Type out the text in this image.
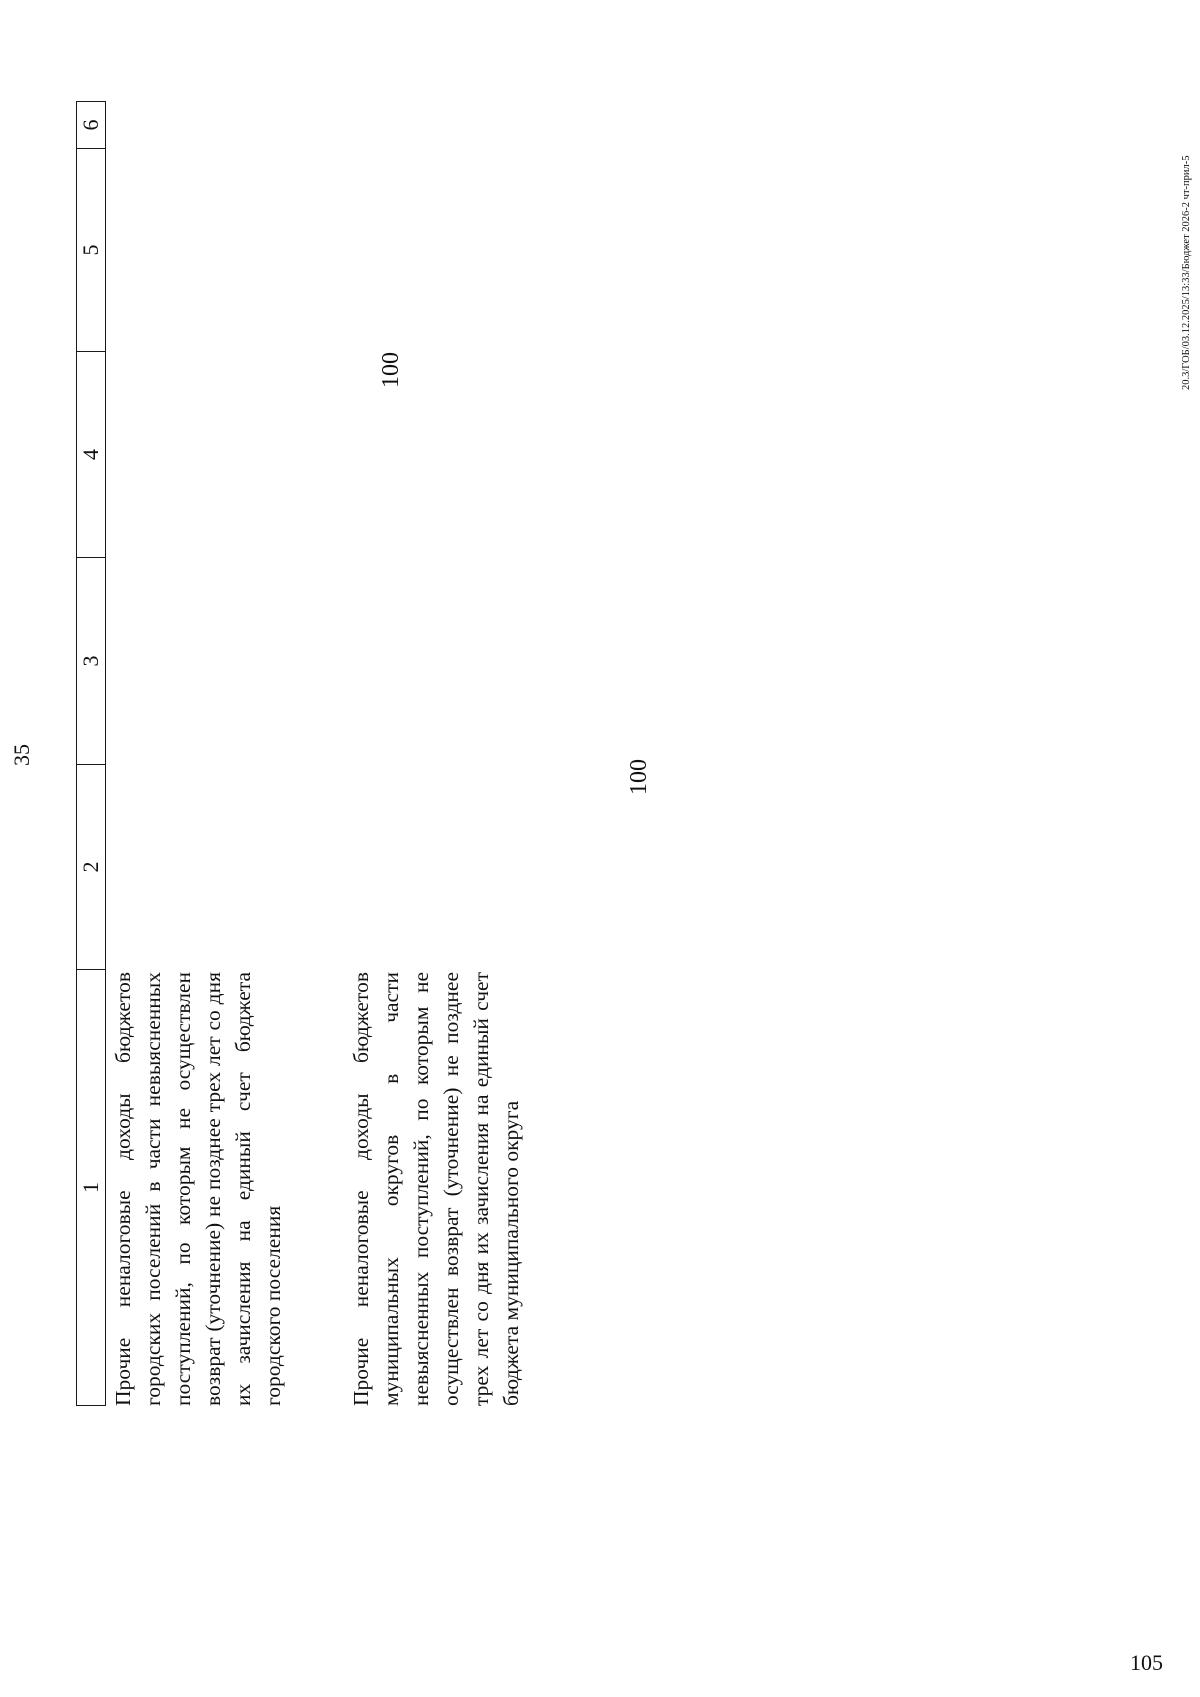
35
1
2
3
4
5
6
Прочие неналоговые доходы бюджетов городских поселений в части невыясненных поступлений, по которым не осуществлен возврат (уточнение) не позднее трех лет со дня их зачисления на единый счет бюджета городского поселения
100
Прочие неналоговые доходы бюджетов муниципальных округов в части невыясненных поступлений, по которым не осуществлен возврат (уточнение) не позднее трех лет со дня их зачисления на единый счет бюджета муниципального округа
100
20.3/ГОБ/03.12.2025/13:33/Бюджет 2026-2 чт-прил-5
105
